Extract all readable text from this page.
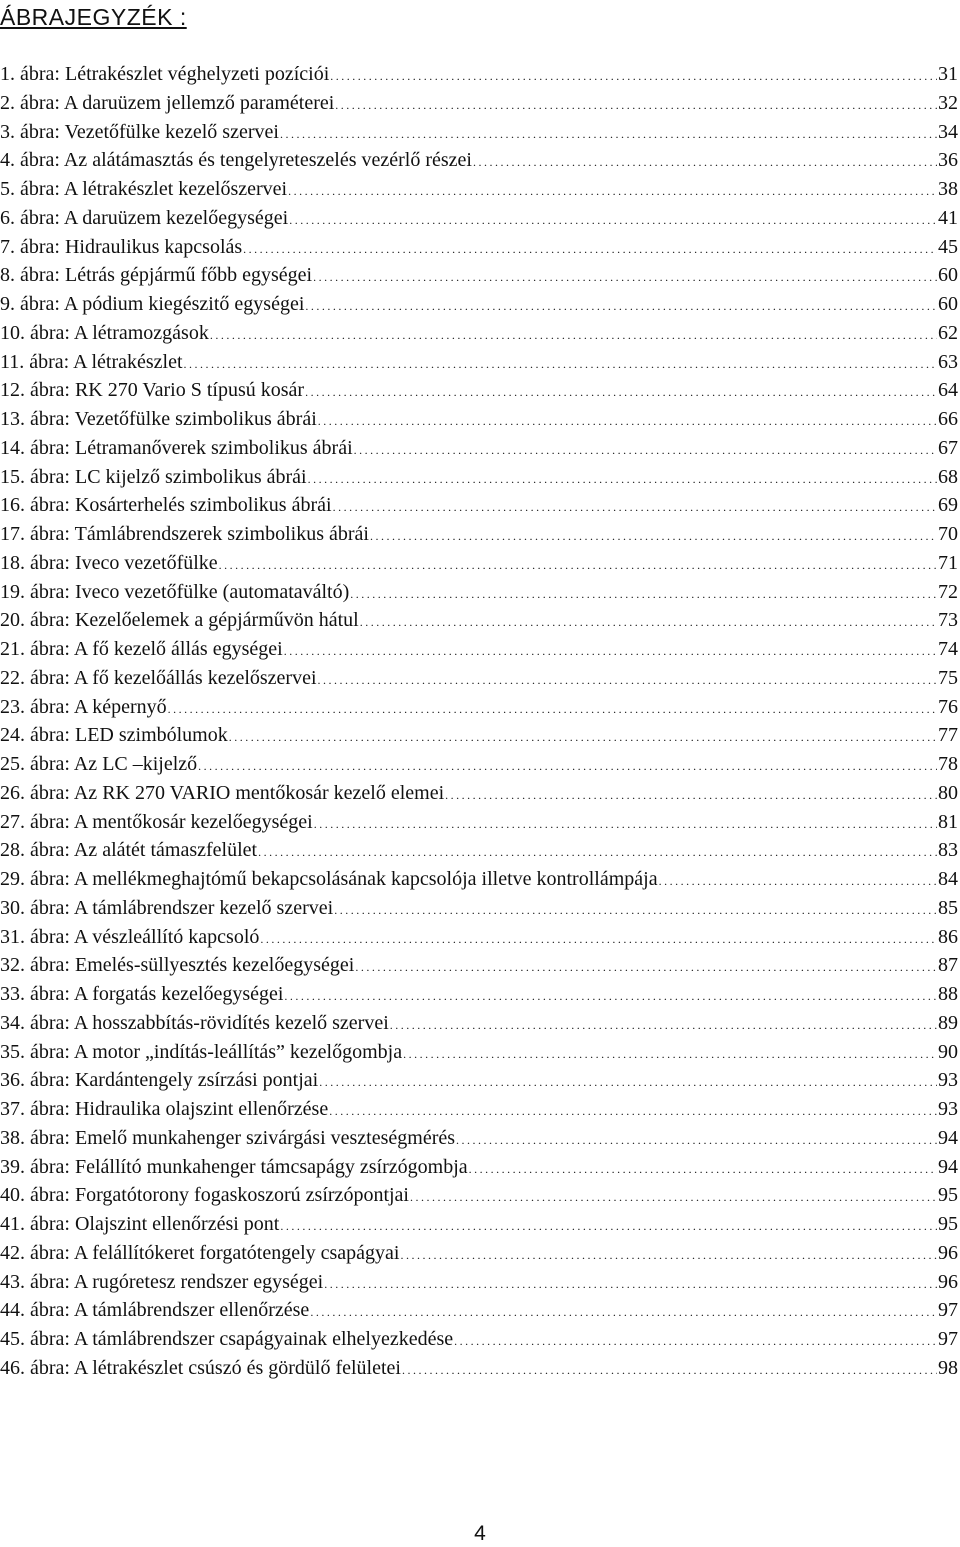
ÁBRAJEGYZÉK :
1. ábra: Létrakészlet véghelyzeti pozíciói .....	31
2. ábra: A daruüzem jellemző paraméterei .....	32
3. ábra: Vezetőfülke kezelő szervei .....	34
4. ábra: Az alátámasztás és tengelyreteszelés vezérlő részei .....	36
5. ábra: A létrakészlet kezelőszervei .....	38
6. ábra: A daruüzem kezelőegységei .....	41
7. ábra: Hidraulikus kapcsolás .....	45
8. ábra: Létrás gépjármű főbb egységei .....	60
9. ábra: A pódium kiegészitő egységei .....	60
10. ábra: A létramozgások .....	62
11. ábra: A létrakészlet .....	63
12. ábra: RK 270 Vario S típusú kosár .....	64
13. ábra: Vezetőfülke szimbolikus ábrái .....	66
14. ábra: Létramanőverek szimbolikus ábrái .....	67
15. ábra: LC kijelző szimbolikus ábrái .....	68
16. ábra: Kosárterhelés szimbolikus ábrái .....	69
17. ábra: Támlábrendszerek szimbolikus ábrái .....	70
18. ábra: Iveco vezetőfülke .....	71
19. ábra: Iveco vezetőfülke (automataváltó) .....	72
20. ábra: Kezelőelemek a gépjárművön hátul .....	73
21. ábra: A fő kezelő állás egységei .....	74
22. ábra: A fő kezelőállás kezelőszervei .....	75
23. ábra: A képernyő .....	76
24. ábra: LED szimbólumok .....	77
25. ábra: Az LC –kijelző .....	78
26. ábra: Az RK 270 VARIO mentőkosár kezelő elemei .....	80
27. ábra: A mentőkosár kezelőegységei .....	81
28. ábra: Az alátét támaszfelület .....	83
29. ábra: A mellékmeghajtómű bekapcsolásának kapcsolója illetve kontrollámpája .....	84
30. ábra: A támlábrendszer kezelő szervei .....	85
31. ábra: A vészleállító kapcsoló .....	86
32. ábra: Emelés-süllyesztés kezelőegységei .....	87
33. ábra: A forgatás kezelőegységei .....	88
34. ábra: A hosszabbítás-rövidítés kezelő szervei .....	89
35. ábra: A motor „indítás-leállítás” kezelőgombja .....	90
36. ábra: Kardántengely zsírzási pontjai .....	93
37. ábra: Hidraulika olajszint ellenőrzése .....	93
38. ábra: Emelő munkahenger szivárgási veszteségmérés .....	94
39. ábra: Felállító munkahenger támcsapágy zsírzógombja .....	94
40. ábra: Forgatótorony fogaskoszorú zsírzópontjai .....	95
41. ábra: Olajszint ellenőrzési pont .....	95
42. ábra: A felállítókeret forgatótengely csapágyai .....	96
43. ábra: A rugóretesz rendszer egységei .....	96
44. ábra: A támlábrendszer ellenőrzése .....	97
45. ábra: A támlábrendszer csapágyainak elhelyezkedése .....	97
46. ábra: A létrakészlet csúszó és gördülő felületei .....	98
4
